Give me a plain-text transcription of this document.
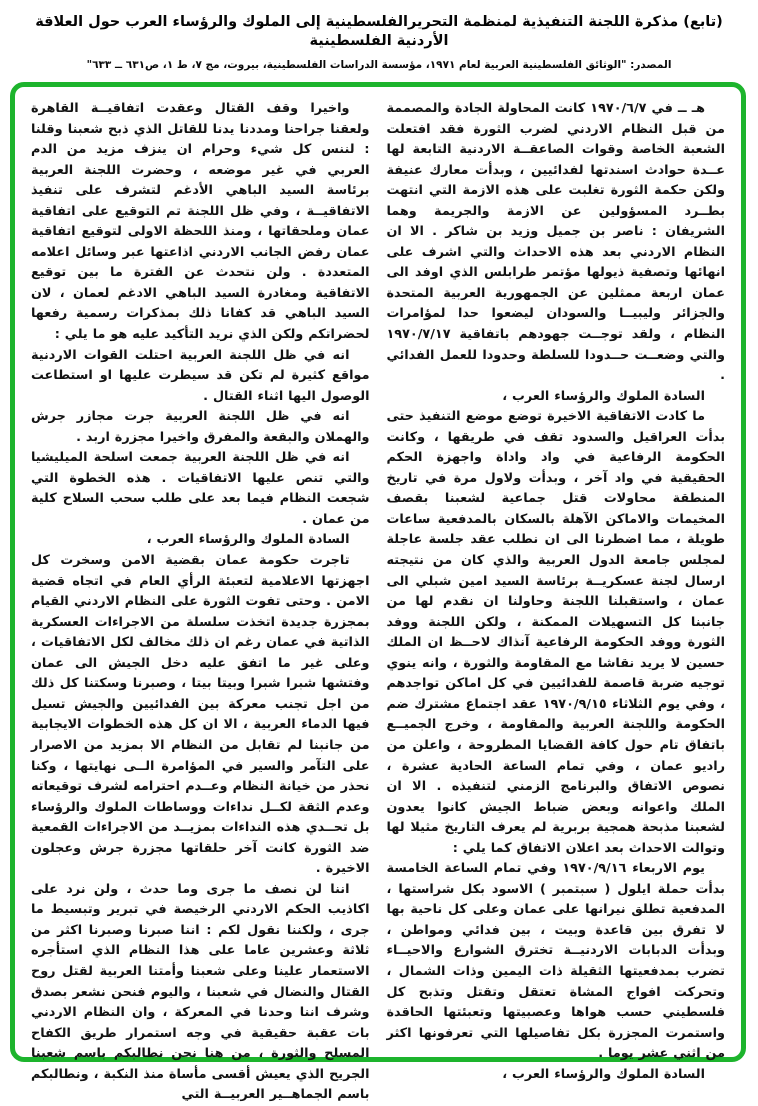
(تابع) مذكرة اللجنة التنفيذية لمنظمة التحريرالفلسطينية إلى الملوك والرؤساء العرب حول العلاقة الأردنية الفلسطينية
المصدر: "الوثائق الفلسطينية العربية لعام ١٩٧١، مؤسسة الدراسات الفلسطينية، بيروت، مج ٧، ط ١، ص٦٣١ ــ ٦٣٣"

هـ ــ في ١٩٧٠/٦/٧ كانت المحاولة الجادة والمصممة من قبل النظام الاردني لضرب الثورة فقد افتعلت الشعبة الخاصة وقوات الصاعقــة الاردنية التابعة لها عــدة حوادث اسندتها لفدائيين ، وبدأت معارك عنيفة ولكن حكمة الثورة تغلبت على هذه الازمة التي انتهت بطــرد المسؤولين عن الازمة والجريمة وهما الشريفان : ناصر بن جميل وزيد بن شاكر . الا ان النظام الاردني بعد هذه الاحداث والتي اشرف على انهائها وتصفية ذيولها مؤتمر طرابلس الذي اوفد الى عمان اربعة ممثلين عن الجمهورية العربية المتحدة والجزائر وليبيــا والسودان ليضعوا حدا لمؤامرات النظام ، ولقد توجــت جهودهم باتفاقية ١٩٧٠/٧/١٧ والتي وضعــت حــدودا للسلطة وحدودا للعمل الفدائي .

السادة الملوك والرؤساء العرب ،

ما كادت الاتفاقية الاخيرة توضع موضع التنفيذ حتى بدأت العراقيل والسدود تقف في طريقها ، وكانت الحكومة الرفاعية في واد واداة واجهزة الحكم الحقيقية في واد آخر ، وبدأت ولاول مرة في تاريخ المنطقة محاولات قتل جماعية لشعبنا بقصف المخيمات والاماكن الآهلة بالسكان بالمدفعية ساعات طويلة ، مما اضطرنا الى ان نطلب عقد جلسة عاجلة لمجلس جامعة الدول العربية والذي كان من نتيجته ارسال لجنة عسكريــة برئاسة السيد امين شبلي الى عمان ، واستقبلنا اللجنة وحاولنا ان نقدم لها من جانبنا كل التسهيلات الممكنة ، ولكن اللجنة ووفد الثورة ووفد الحكومة الرفاعية آنذاك لاحــظ ان الملك حسين لا يريد نقاشا مع المقاومة والثورة ، وانه ينوي توجيه ضربة قاصمة للفدائيين في كل اماكن تواجدهم ، وفي يوم الثلاثاء ١٩٧٠/٩/١٥ عقد اجتماع مشترك ضم الحكومة واللجنة العربية والمقاومة ، وخرج الجميــع باتفاق تام حول كافة القضايا المطروحة ، واعلن من راديو عمان ، وفي تمام الساعة الحادية عشرة ، نصوص الاتفاق والبرنامج الزمني لتنفيذه . الا ان الملك واعوانه وبعض ضباط الجيش كانوا يعدون لشعبنا مذبحة همجية بربرية لم يعرف التاريخ مثيلا لها وتوالت الاحداث بعد اعلان الاتفاق كما يلي :

يوم الاربعاء ١٩٧٠/٩/١٦ وفي تمام الساعة الخامسة بدأت حملة ايلول ( سبتمبر ) الاسود بكل شراستها ، المدفعية تطلق نيرانها على عمان وعلى كل ناحية بها لا تفرق بين قاعدة وبيت ، بين فدائي ومواطن ، وبدأت الدبابات الاردنيــة تخترق الشوارع والاحيــاء تضرب بمدفعيتها الثقيلة ذات اليمين وذات الشمال ، وتحركت افواج المشاة تعتقل وتقتل وتذبح كل فلسطيني حسب هواها وعصبيتها وتعبئتها الحاقدة واستمرت المجزرة بكل تفاصيلها التي تعرفونها اكثر من اثني عشر يوما .

السادة الملوك والرؤساء العرب ،

واخيرا وقف القتال وعقدت اتفاقيــة القاهرة ولعقنا جراحنا ومددنا يدنا للقاتل الذي ذبح شعبنا وقلنا : لننس كل شيء وحرام ان ينزف مزيد من الدم العربي في غير موضعه ، وحضرت اللجنة العربية برئاسة السيد الباهي الأدغم لتشرف على تنفيذ الاتفاقيــة ، وفي ظل اللجنة تم التوقيع على اتفاقية عمان وملحقاتها ، ومنذ اللحظة الاولى لتوقيع اتفاقية عمان رفض الجانب الاردني اذاعتها عبر وسائل اعلامه المتعددة . ولن نتحدث عن الفترة ما بين توقيع الاتفاقية ومغادرة السيد الباهي الادغم لعمان ، لان السيد الباهي قد كفانا ذلك بمذكرات رسمية رفعها لحضراتكم ولكن الذي نريد التأكيد عليه هو ما يلي :

انه في ظل اللجنة العربية احتلت القوات الاردنية مواقع كثيرة لم تكن قد سيطرت عليها او استطاعت الوصول اليها اثناء القتال .

انه في ظل اللجنة العربية جرت مجازر جرش والهملان والبقعة والمفرق واخيرا مجزرة اربد .

انه في ظل اللجنة العربية جمعت اسلحة الميليشيا والتي تنص عليها الاتفاقيات . هذه الخطوة التي شجعت النظام فيما بعد على طلب سحب السلاح كلية من عمان .

السادة الملوك والرؤساء العرب ،

تاجرت حكومة عمان بقضية الامن وسخرت كل اجهزتها الاعلامية لتعبئة الرأي العام في اتجاه قضية الامن . وحتى تفوت الثورة على النظام الاردني القيام بمجزرة جديدة اتخذت سلسلة من الاجراءات العسكرية الذاتية في عمان رغم ان ذلك مخالف لكل الاتفاقيات ، وعلى غير ما اتفق عليه دخل الجيش الى عمان وفتشها شبرا شبرا وبيتا بيتا ، وصبرنا وسكتنا كل ذلك من اجل تجنب معركة بين الفدائيين والجيش تسيل فيها الدماء العربية ، الا ان كل هذه الخطوات الايجابية من جانبنا لم تقابل من النظام الا بمزيد من الاصرار على التآمر والسير في المؤامرة الــى نهايتها ، وكنا نحذر من خيانة النظام وعــدم احترامه لشرف توقيعاته وعدم الثقة لكــل نداءات ووساطات الملوك والرؤساء بل تحــدي هذه النداءات بمزيــد من الاجراءات القمعية ضد الثورة كانت آخر حلقاتها مجزرة جرش وعجلون الاخيرة .

اننا لن نصف ما جرى وما حدث ، ولن نرد على اكاذيب الحكم الاردني الرخيصة في تبرير وتبسيط ما جرى ، ولكننا نقول لكم : اننا صبرنا وصبرنا اكثر من ثلاثة وعشرين عاما على هذا النظام الذي استأجره الاستعمار علينا وعلى شعبنا وأمتنا العربية لقتل روح القتال والنضال في شعبنا ، واليوم فنحن نشعر بصدق وشرف اننا وحدنا في المعركة ، وان النظام الاردني بات عقبة حقيقية في وجه استمرار طريق الكفاح المسلح والثورة ، من هنا نحن نطالبكم باسم شعبنا الجريح الذي يعيش أقسى مأساة منذ النكبة ، ونطالبكم باسم الجماهــير العربيــة التي
